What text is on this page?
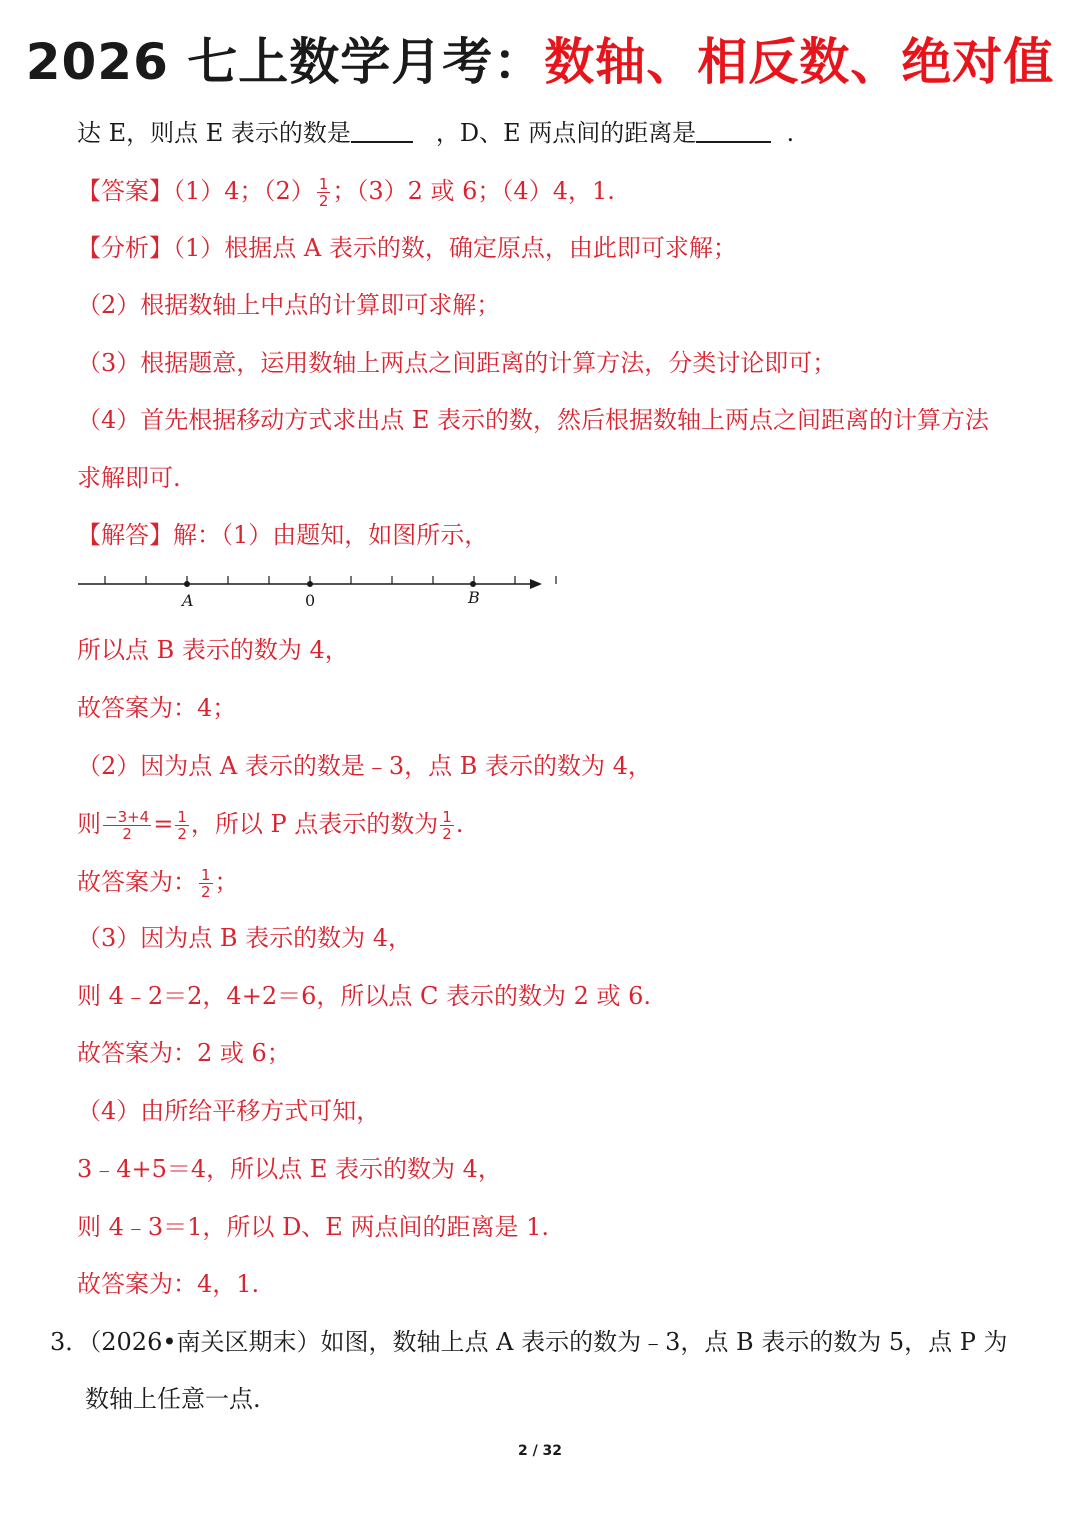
2026 七上数学月考：数轴、相反数、绝对值
达 E，则点 E 表示的数是	，D、E 两点间的距离是	.
【答案】（1）4；$(2) \frac{1}{2}$ ；（3）2 或 6；（4）4，1.
【分析】（1）根据点 A 表示的数，确定原点，由此即可求解；
（2）根据数轴上中点的计算即可求解；
（3）根据题意，运用数轴上两点之间距离的计算方法，分类讨论即可；
（4）首先根据移动方式求出点 E 表示的数，然后根据数轴上两点之间距离的计算方法
求解即可.
【解答】解：（1）由题知，如图所示，
A	0	B
所以点 B 表示的数为 4，
故答案为：4；
（2）因为点 A 表示的数是﹣3，点 B 表示的数为 4，
则 $\frac{-3+4}{2} = \frac{1}{2}$ ，所以 P 点表示的数为 $\frac{1}{2}$ .
故答案为： $\frac{1}{2}$ ；
（3）因为点 B 表示的数为 4，
则 4﹣2＝2，4+2＝6，所以点 C 表示的数为 2 或 6.
故答案为：2 或 6；
（4）由所给平移方式可知，
3﹣4+5＝4，所以点 E 表示的数为 4，
则 4﹣3＝1，所以 D、E 两点间的距离是 1.
故答案为：4，1.
3．（2026•南关区期末）如图，数轴上点 A 表示的数为﹣3，点 B 表示的数为 5，点 P 为
数轴上任意一点.
2 / 32
